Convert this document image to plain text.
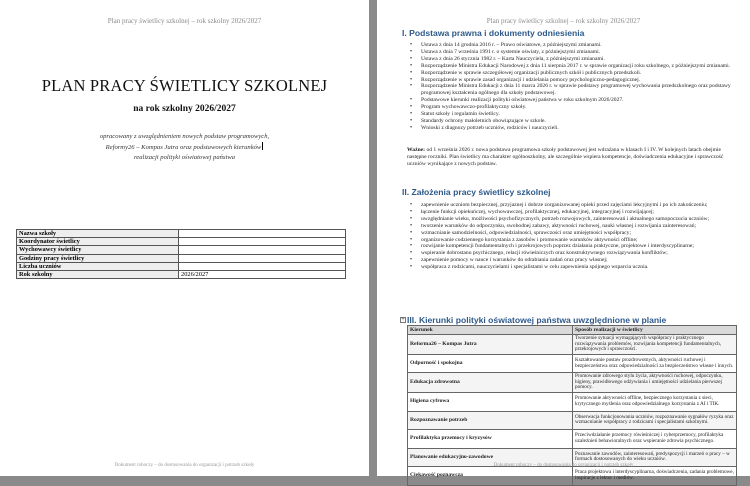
Plan pracy świetlicy szkolnej – rok szkolny 2026/2027
PLAN PRACY ŚWIETLICY SZKOLNEJ
na rok szkolny 2026/2027
opracowany z uwzględnieniem nowych podstaw programowych,
Reformy26 – Kompas Jutra oraz podstawowych kierunków
realizacji polityki oświatowej państwa
Nazwa szkoły	
Koordynator świetlicy	
Wychowawcy świetlicy	
Godziny pracy świetlicy	
Liczba uczniów	
Rok szkolny	2026/2027
Dokument roboczy – do dostosowania do organizacji i potrzeb szkoły
Plan pracy świetlicy szkolnej – rok szkolny 2026/2027
I. Podstawa prawna i dokumenty odniesienia
• Ustawa z dnia 14 grudnia 2016 r. – Prawo oświatowe, z późniejszymi zmianami.
• Ustawa z dnia 7 września 1991 r. o systemie oświaty, z późniejszymi zmianami.
• Ustawa z dnia 26 stycznia 1982 r. – Karta Nauczyciela, z późniejszymi zmianami.
• Rozporządzenie Ministra Edukacji Narodowej z dnia 11 sierpnia 2017 r. w sprawie organizacji roku szkolnego, z późniejszymi zmianami.
• Rozporządzenie w sprawie szczegółowej organizacji publicznych szkół i publicznych przedszkoli.
• Rozporządzenie w sprawie zasad organizacji i udzielania pomocy psychologiczno-pedagogicznej.
• Rozporządzenie Ministra Edukacji z dnia 11 marca 2026 r. w sprawie podstawy programowej wychowania przedszkolnego oraz podstawy programowej kształcenia ogólnego dla szkoły podstawowej.
• Podstawowe kierunki realizacji polityki oświatowej państwa w roku szkolnym 2026/2027.
• Program wychowawczo-profilaktyczny szkoły.
• Statut szkoły i regulamin świetlicy.
• Standardy ochrony małoletnich obowiązujące w szkole.
• Wnioski z diagnozy potrzeb uczniów, rodziców i nauczycieli.
Ważne: od 1 września 2026 r. nowa podstawa programowa szkoły podstawowej jest wdrażana w klasach I i IV. W kolejnych latach obejmie następne roczniki. Plan świetlicy ma charakter ogólnoszkolny, ale szczególnie wspiera kompetencje, doświadczenia edukacyjne i sprawczość uczniów wynikające z nowych podstaw.
II. Założenia pracy świetlicy szkolnej
• zapewnienie uczniom bezpiecznej, przyjaznej i dobrze zorganizowanej opieki przed zajęciami lekcyjnymi i po ich zakończeniu;
• łączenie funkcji opiekuńczej, wychowawczej, profilaktycznej, edukacyjnej, integracyjnej i rozwijającej;
• uwzględnianie wieku, możliwości psychofizycznych, potrzeb rozwojowych, zainteresowań i aktualnego samopoczucia uczniów;
• tworzenie warunków do odpoczynku, swobodnej zabawy, aktywności ruchowej, nauki własnej i rozwijania zainteresowań;
• wzmacnianie samodzielności, odpowiedzialności, sprawczości oraz umiejętności współpracy;
• organizowanie codziennego korzystania z zasobów i promowanie warunków aktywności offline;
• rozwijanie kompetencji fundamentalnych i przekrojowych poprzez działania praktyczne, projektowe i interdyscyplinarne;
• wspieranie dobrostanu psychicznego, relacji rówieśniczych oraz konstruktywnego rozwiązywania konfliktów;
• zapewnienie pomocy w nauce i warunków do odrabiania zadań oraz pracy własnej;
• współpraca z rodzicami, nauczycielami i specjalistami w celu zapewnienia spójnego wsparcia ucznia.
+ III. Kierunki polityki oświatowej państwa uwzględnione w planie
Kierunek	Sposób realizacji w świetlicy
Reforma26 – Kompas Jutra	Tworzenie sytuacji wymagających współpracy i praktycznego rozwiązywania problemów, rozwijania kompetencji fundamentalnych, przekrojowych i sprawczości.
Odporność i spokojna	Kształtowanie postaw prozdrowotnych, aktywności ruchowej i bezpieczeństwa oraz odpowiedzialności za bezpieczeństwo własne i innych.
Edukacja zdrowotna	Promowanie zdrowego stylu życia, aktywności ruchowej, odpoczynku, higieny, prawidłowego odżywiania i umiejętności udzielania pierwszej pomocy.
Higiena cyfrowa	Promowanie aktywności offline, bezpiecznego korzystania z sieci, krytycznego myślenia oraz odpowiedzialnego korzystania z AI i TIK.
Rozpoznawanie potrzeb	Obserwacja funkcjonowania uczniów, rozpoznawanie sygnałów ryzyka oraz wzmacnianie współpracy z rodzicami i specjalistami szkolnymi.
Profilaktyka przemocy i kryzysów	Przeciwdziałanie przemocy rówieśniczej i cyberprzemocy, profilaktyka uzależnień behawioralnych oraz wspieranie zdrowia psychicznego.
Planowanie edukacyjno-zawodowe	Poznawanie zawodów, zainteresowań, predyspozycji i marzeń o pracy – w formach dostosowanych do wieku uczniów.
Ciekawość poznawcza	Praca projektowa i interdyscyplinarna, doświadczenia, zadania problemowe, inspiracje z lektur i mediów.
Dokument roboczy – do dostosowania do organizacji i potrzeb szkoły
